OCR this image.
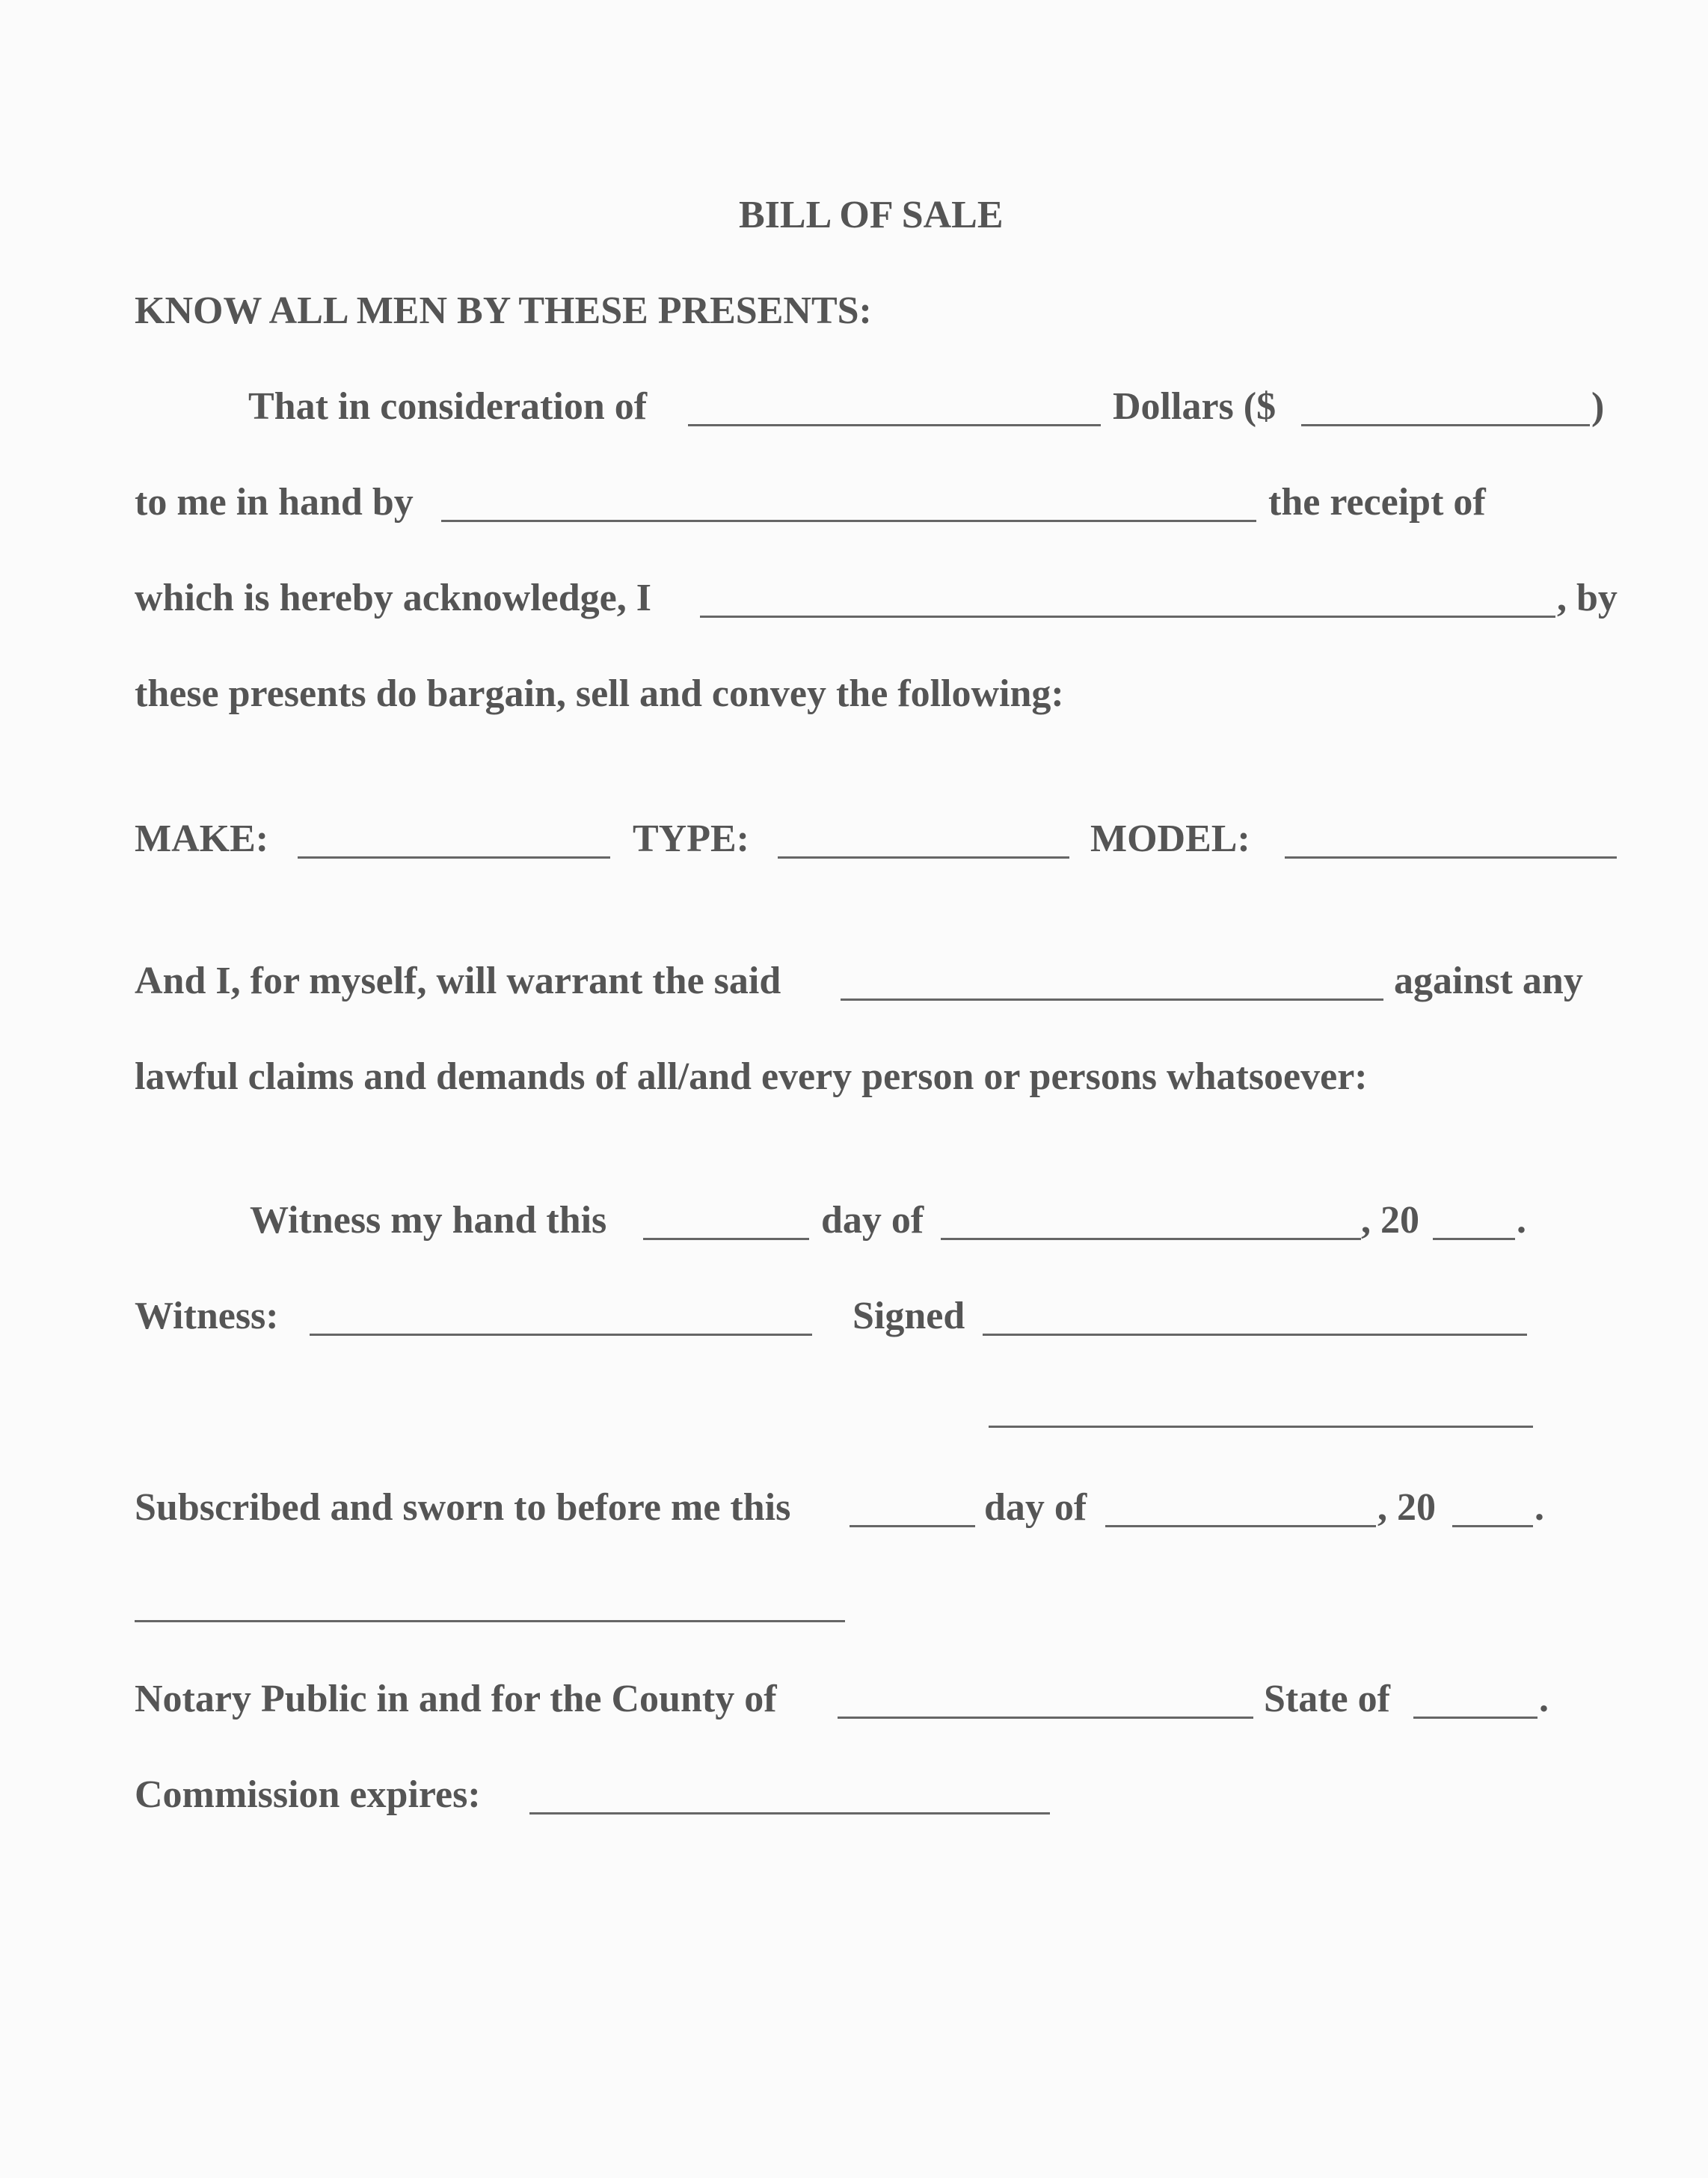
BILL OF SALE
KNOW ALL MEN BY THESE PRESENTS:
That in consideration of	Dollars ($	)
to me in hand by	the receipt of
which is hereby acknowledge, I	, by
these presents do bargain, sell and convey the following:
MAKE:	TYPE:	MODEL:
And I, for myself, will warrant the said	against any
lawful claims and demands of all/and every person or persons whatsoever:
Witness my hand this	day of	, 20	.
Witness:	Signed
Subscribed and sworn to before me this	day of	, 20	.
Notary Public in and for the County of	State of	.
Commission expires:
